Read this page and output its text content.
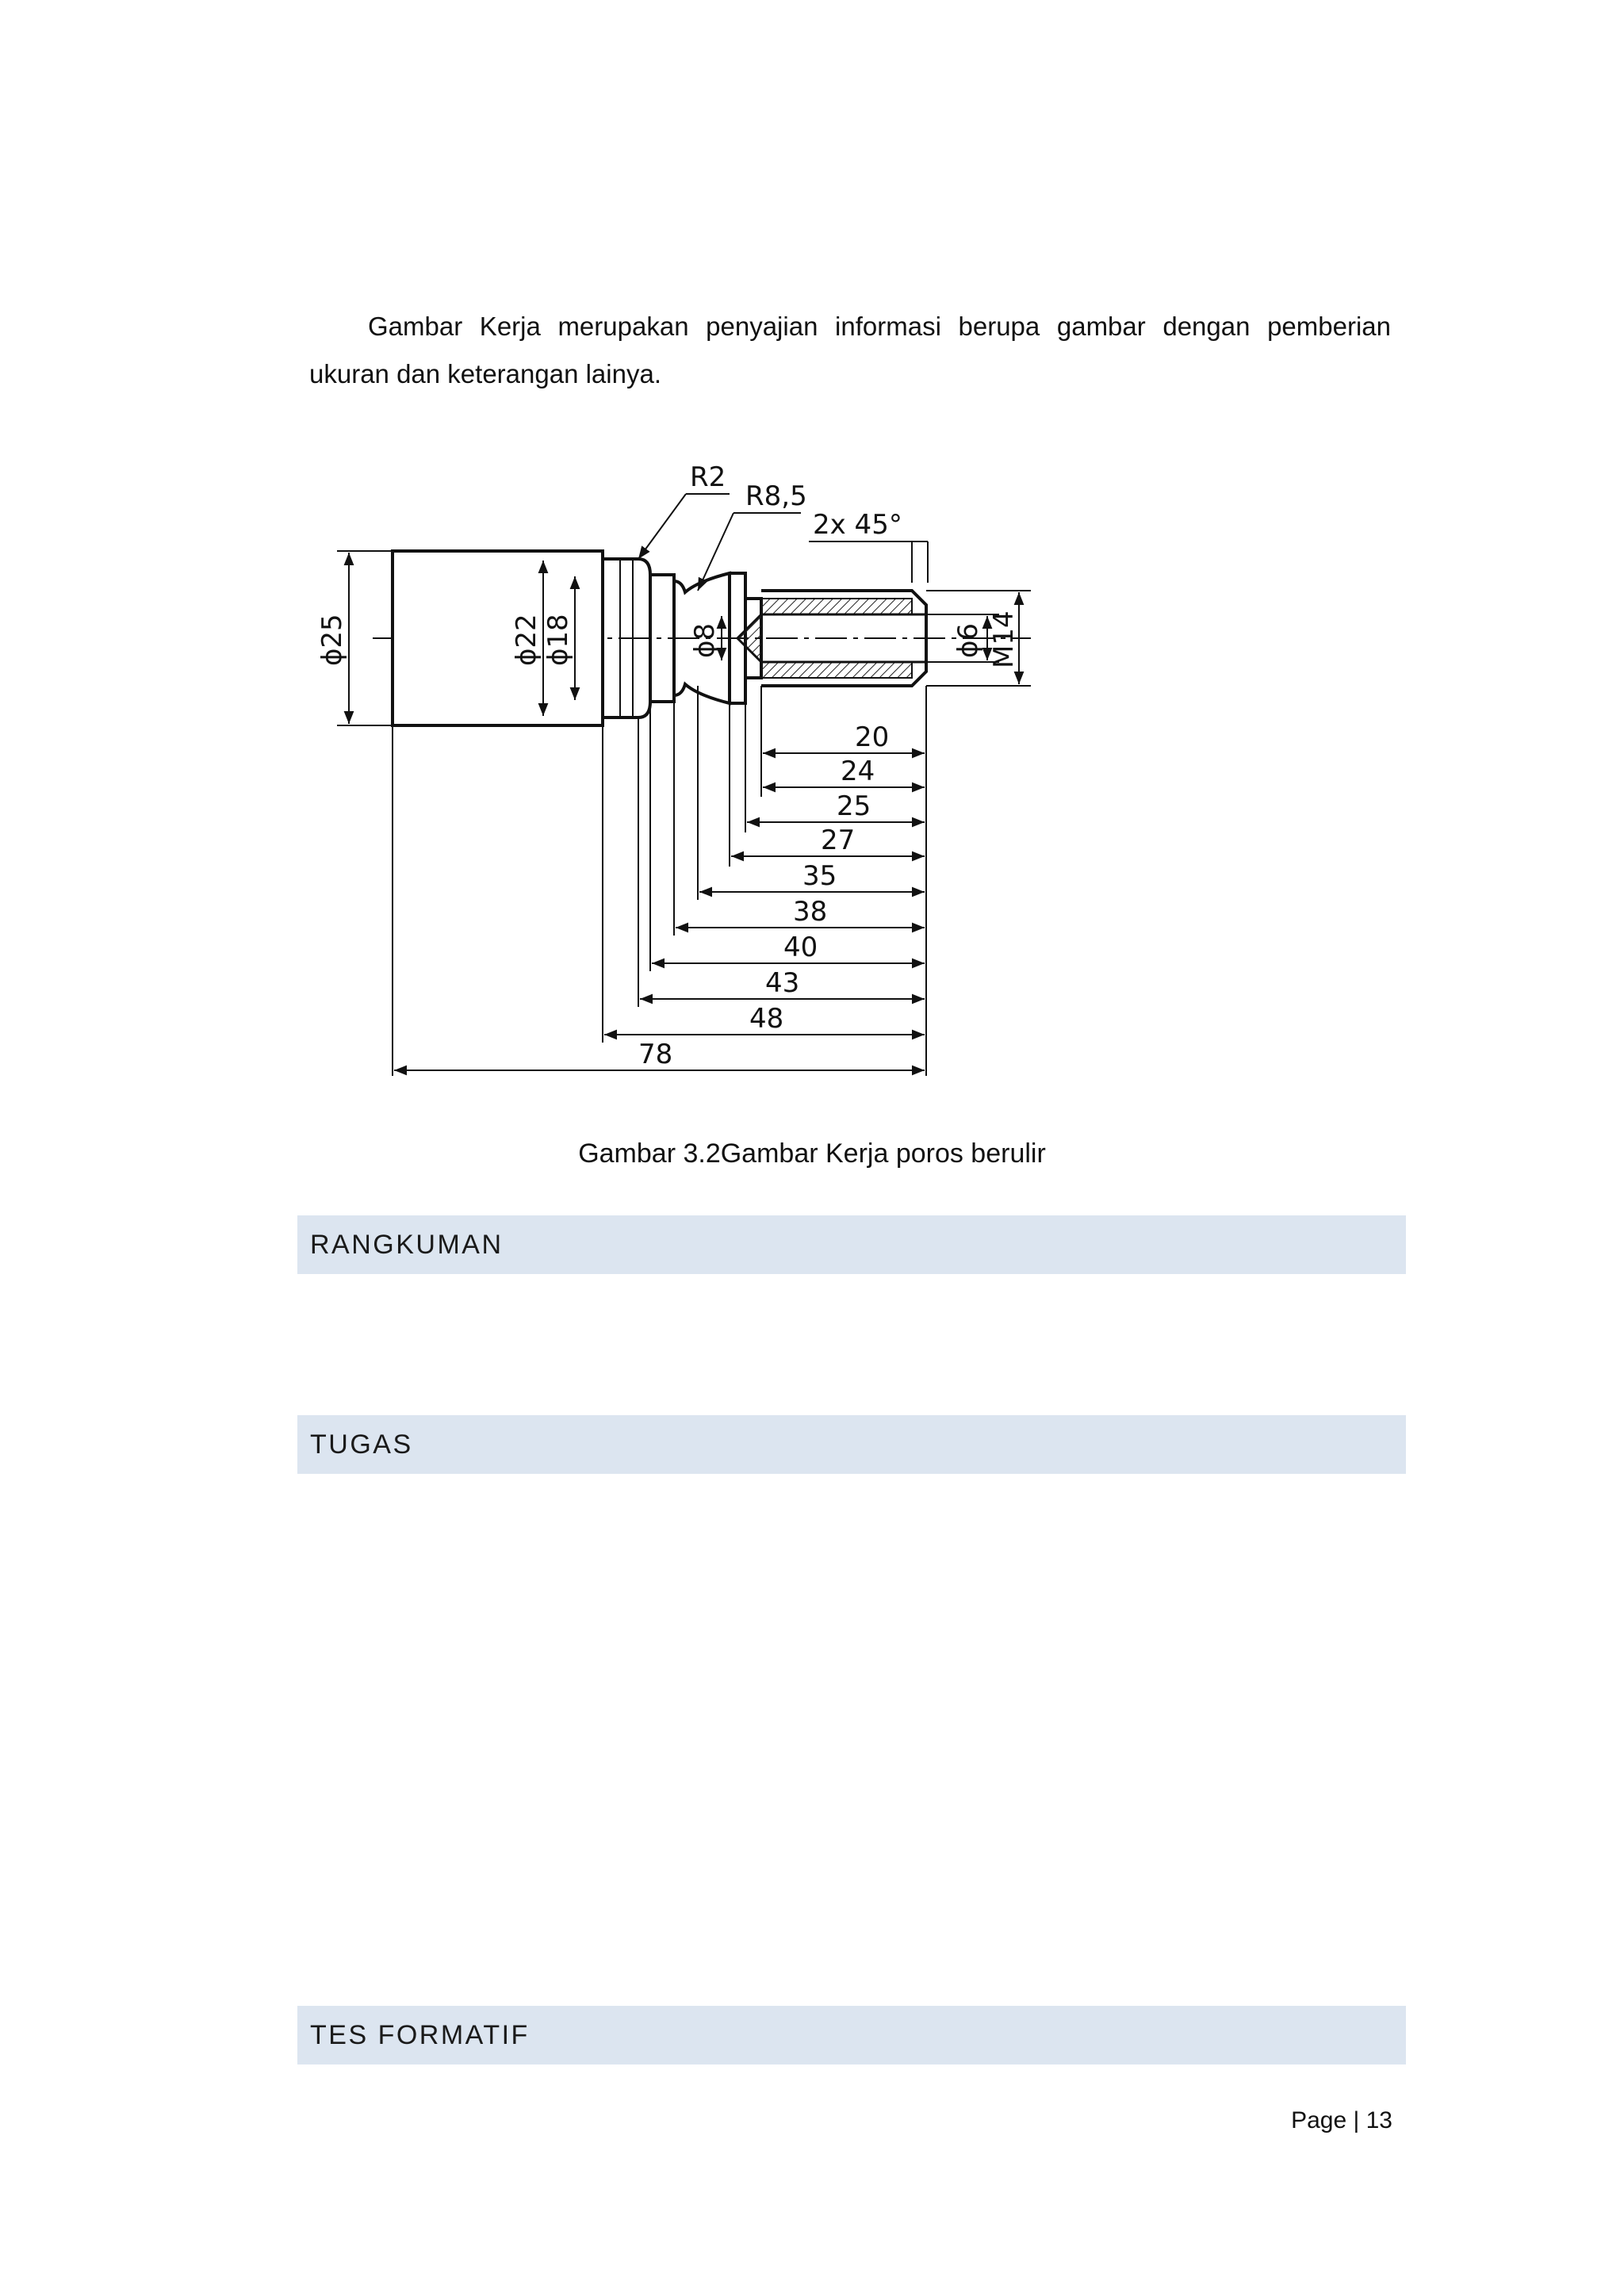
Gambar Kerja merupakan penyajian informasi berupa gambar dengan pemberian ukuran dan keterangan lainya.

R2
R8,5
2x 45°
ϕ25	ϕ22 ϕ18	ϕ8	ϕ6 M14
20
24
25
27
35
38
40
43
48
78
Gambar 3.2Gambar Kerja poros berulir
RANGKUMAN
TUGAS
TES FORMATIF
Page | 13
